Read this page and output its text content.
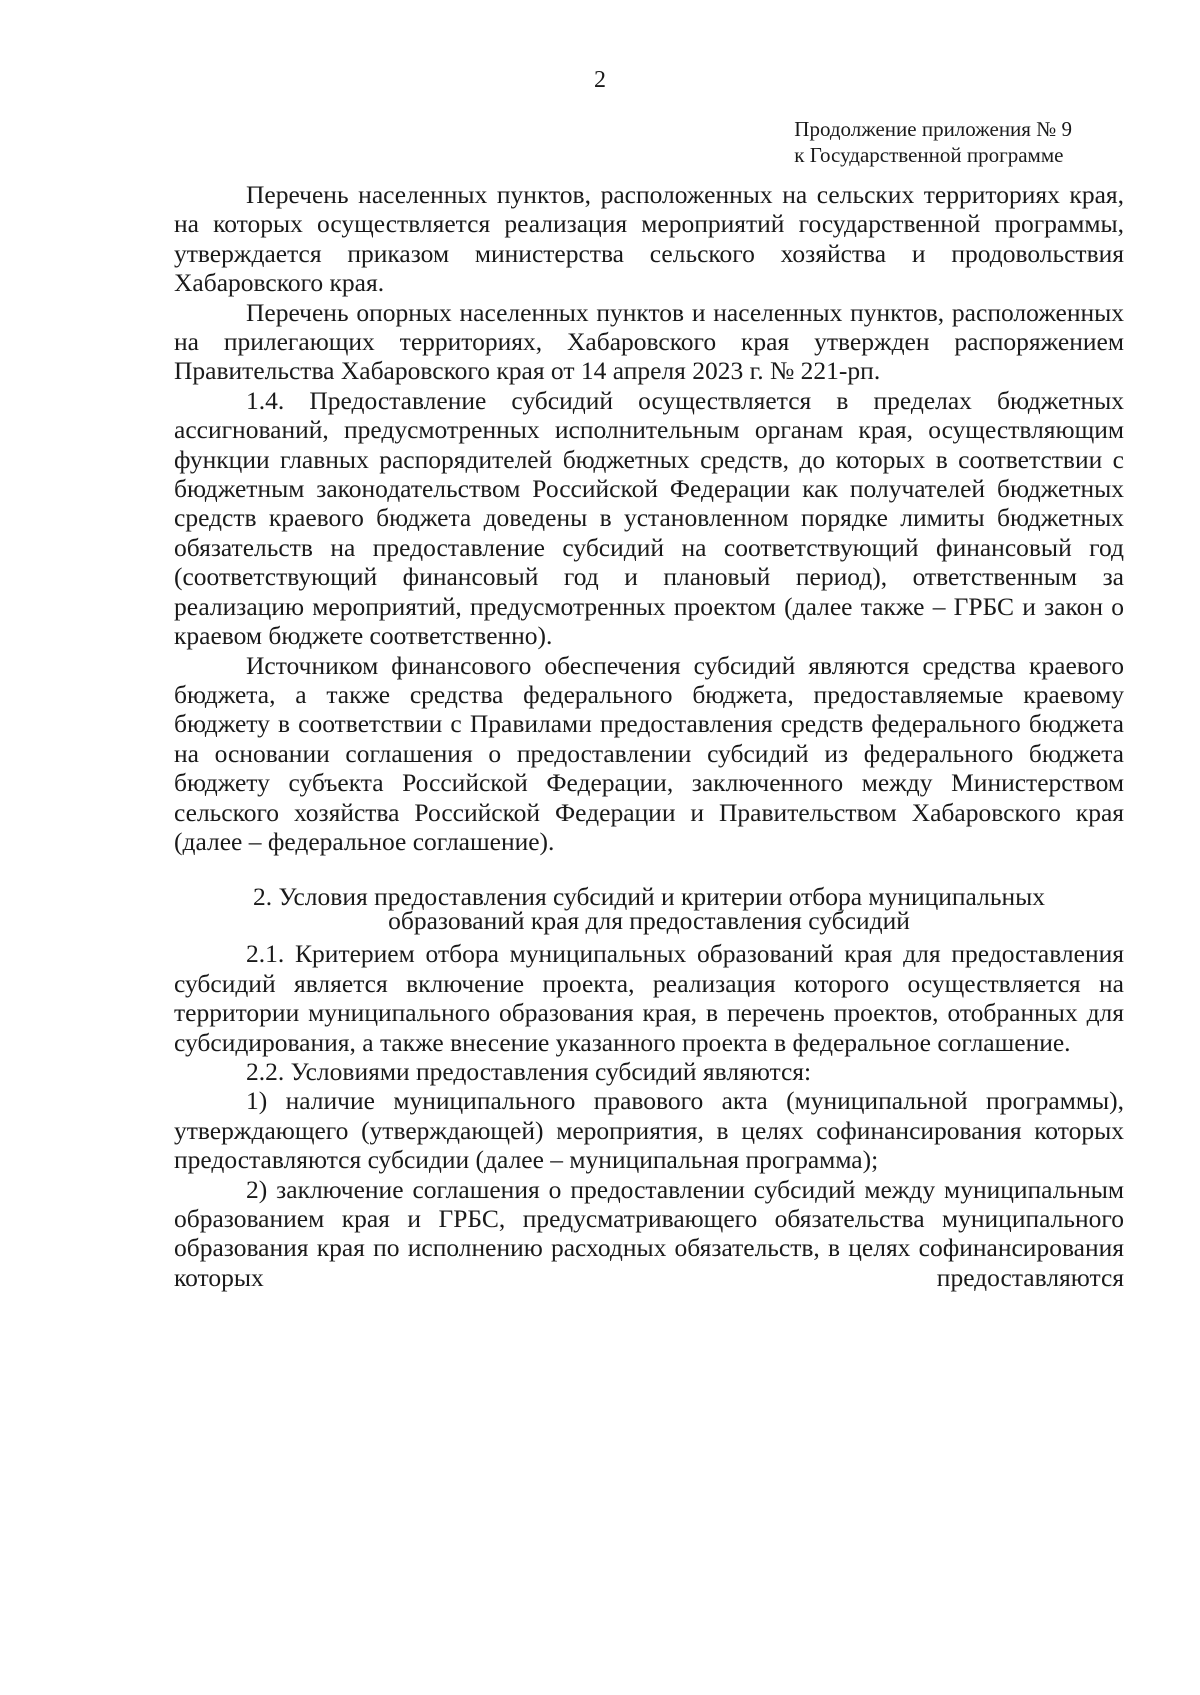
2
Продолжение приложения № 9
к Государственной программе

Перечень населенных пунктов, расположенных на сельских территориях края, на которых осуществляется реализация мероприятий государственной программы, утверждается приказом министерства сельского хозяйства и продовольствия Хабаровского края.

Перечень опорных населенных пунктов и населенных пунктов, расположенных на прилегающих территориях, Хабаровского края утвержден распоряжением Правительства Хабаровского края от 14 апреля 2023 г. № 221-рп.

1.4. Предоставление субсидий осуществляется в пределах бюджетных ассигнований, предусмотренных исполнительным органам края, осуществляющим функции главных распорядителей бюджетных средств, до которых в соответствии с бюджетным законодательством Российской Федерации как получателей бюджетных средств краевого бюджета доведены в установленном порядке лимиты бюджетных обязательств на предоставление субсидий на соответствующий финансовый год (соответствующий финансовый год и плановый период), ответственным за реализацию мероприятий, предусмотренных проектом (далее также – ГРБС и закон о краевом бюджете соответственно).

Источником финансового обеспечения субсидий являются средства краевого бюджета, а также средства федерального бюджета, предоставляемые краевому бюджету в соответствии с Правилами предоставления средств федерального бюджета на основании соглашения о предоставлении субсидий из федерального бюджета бюджету субъекта Российской Федерации, заключенного между Министерством сельского хозяйства Российской Федерации и Правительством Хабаровского края (далее – федеральное соглашение).

2. Условия предоставления субсидий и критерии отбора муниципальных
образований края для предоставления субсидий

2.1. Критерием отбора муниципальных образований края для предоставления субсидий является включение проекта, реализация которого осуществляется на территории муниципального образования края, в перечень проектов, отобранных для субсидирования, а также внесение указанного проекта в федеральное соглашение.

2.2. Условиями предоставления субсидий являются:

1) наличие муниципального правового акта (муниципальной программы), утверждающего (утверждающей) мероприятия, в целях софинансирования которых предоставляются субсидии (далее – муниципальная программа);

2) заключение соглашения о предоставлении субсидий между муниципальным образованием края и ГРБС, предусматривающего обязательства муниципального образования края по исполнению расходных обязательств, в целях софинансирования которых предоставляются
